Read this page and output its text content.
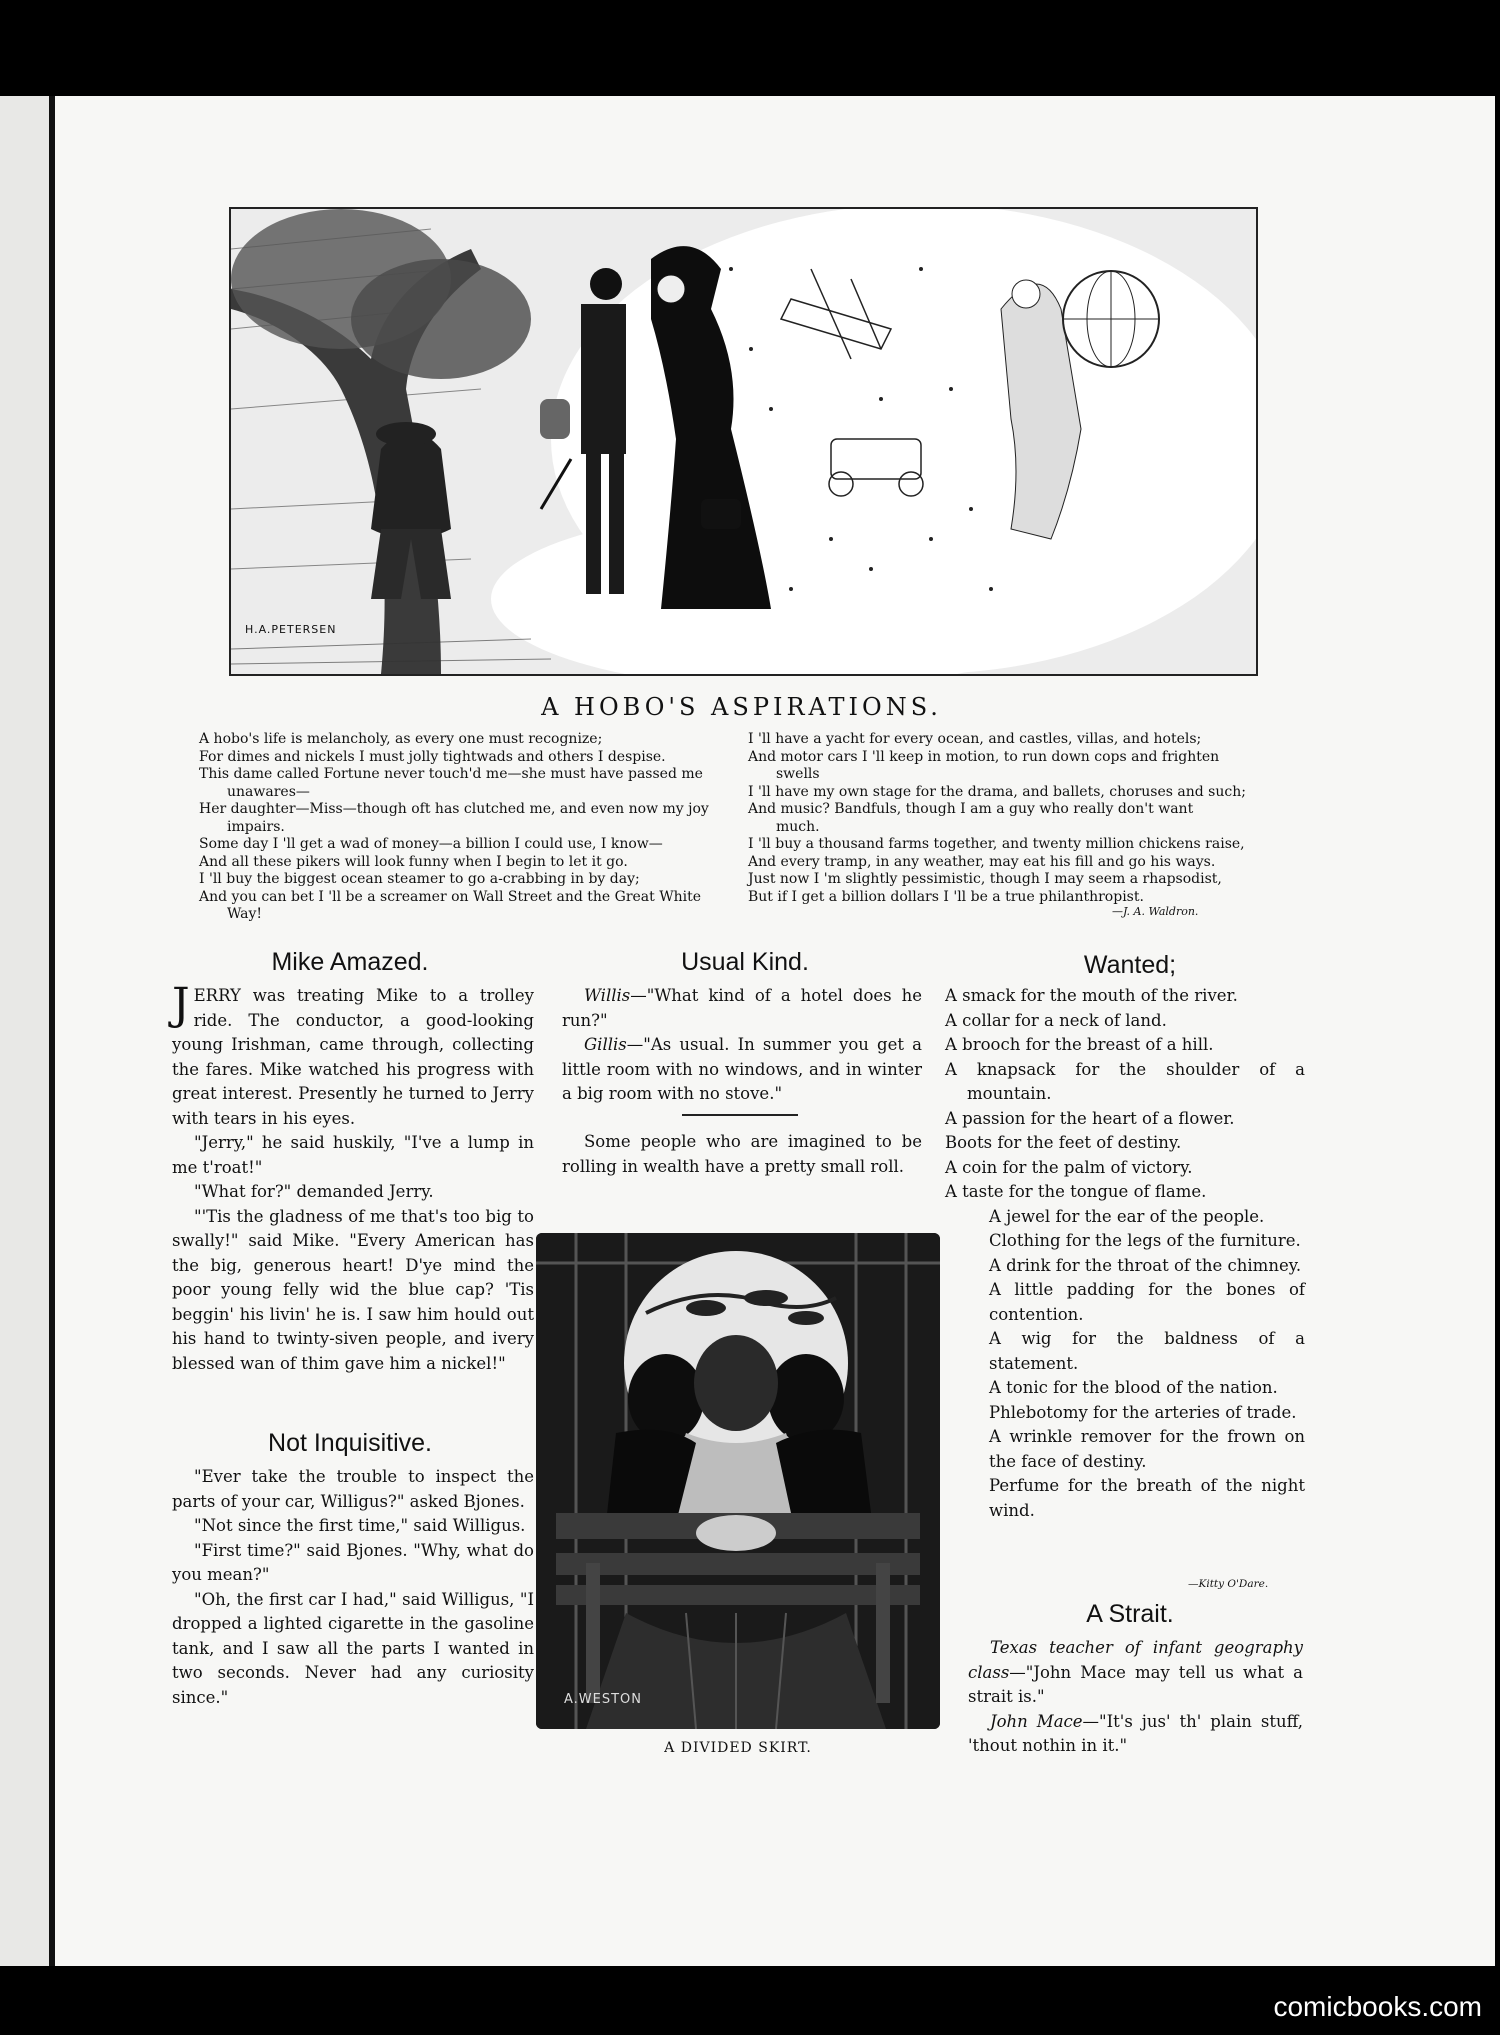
H.A.PETERSEN
A HOBO'S ASPIRATIONS.

A hobo's life is melancholy, as every one must recognize;

For dimes and nickels I must jolly tightwads and others I despise.

This dame called Fortune never touch'd me—she must have passed me

unawares—

Her daughter—Miss—though oft has clutched me, and even now my joy

impairs.

Some day I 'll get a wad of money—a billion I could use, I know—

And all these pikers will look funny when I begin to let it go.

I 'll buy the biggest ocean steamer to go a-crabbing in by day;

And you can bet I 'll be a screamer on Wall Street and the Great White

Way!

I 'll have a yacht for every ocean, and castles, villas, and hotels;

And motor cars I 'll keep in motion, to run down cops and frighten

swells

I 'll have my own stage for the drama, and ballets, choruses and such;

And music? Bandfuls, though I am a guy who really don't want

much.

I 'll buy a thousand farms together, and twenty million chickens raise,

And every tramp, in any weather, may eat his fill and go his ways.

Just now I 'm slightly pessimistic, though I may seem a rhapsodist,

But if I get a billion dollars I 'll be a true philanthropist.

—J. A. Waldron.
Mike Amazed.

JERRY was treating Mike to a trolley ride. The conductor, a good-looking young Irishman, came through, collecting the fares. Mike watched his progress with great interest. Presently he turned to Jerry with tears in his eyes.

"Jerry," he said huskily, "I've a lump in me t'roat!"

"What for?" demanded Jerry.

"'Tis the gladness of me that's too big to swally!" said Mike. "Every American has the big, generous heart! D'ye mind the poor young felly wid the blue cap? 'Tis beggin' his livin' he is. I saw him hould out his hand to twinty-siven people, and ivery blessed wan of thim gave him a nickel!"

Not Inquisitive.

"Ever take the trouble to inspect the parts of your car, Willigus?" asked Bjones.

"Not since the first time," said Willigus.

"First time?" said Bjones. "Why, what do you mean?"

"Oh, the first car I had," said Willigus, "I dropped a lighted cigarette in the gasoline tank, and I saw all the parts I wanted in two seconds. Never had any curiosity since."

Usual Kind.

Willis—"What kind of a hotel does he run?"

Gillis—"As usual. In summer you get a little room with no windows, and in winter a big room with no stove."

Some people who are imagined to be rolling in wealth have a pretty small roll.

A.WESTON
A DIVIDED SKIRT.
Wanted;

A smack for the mouth of the river.

A collar for a neck of land.

A brooch for the breast of a hill.

A knapsack for the shoulder of a mountain.

A passion for the heart of a flower.

Boots for the feet of destiny.

A coin for the palm of victory.

A taste for the tongue of flame.

A jewel for the ear of the people.

Clothing for the legs of the furniture.

A drink for the throat of the chimney.

A little padding for the bones of contention.

A wig for the baldness of a statement.

A tonic for the blood of the nation.

Phlebotomy for the arteries of trade.

A wrinkle remover for the frown on the face of destiny.

Perfume for the breath of the night wind.

—Kitty O'Dare.
A Strait.

Texas teacher of infant geography class—"John Mace may tell us what a strait is."

John Mace—"It's jus' th' plain stuff, 'thout nothin in it."

comicbooks.com
